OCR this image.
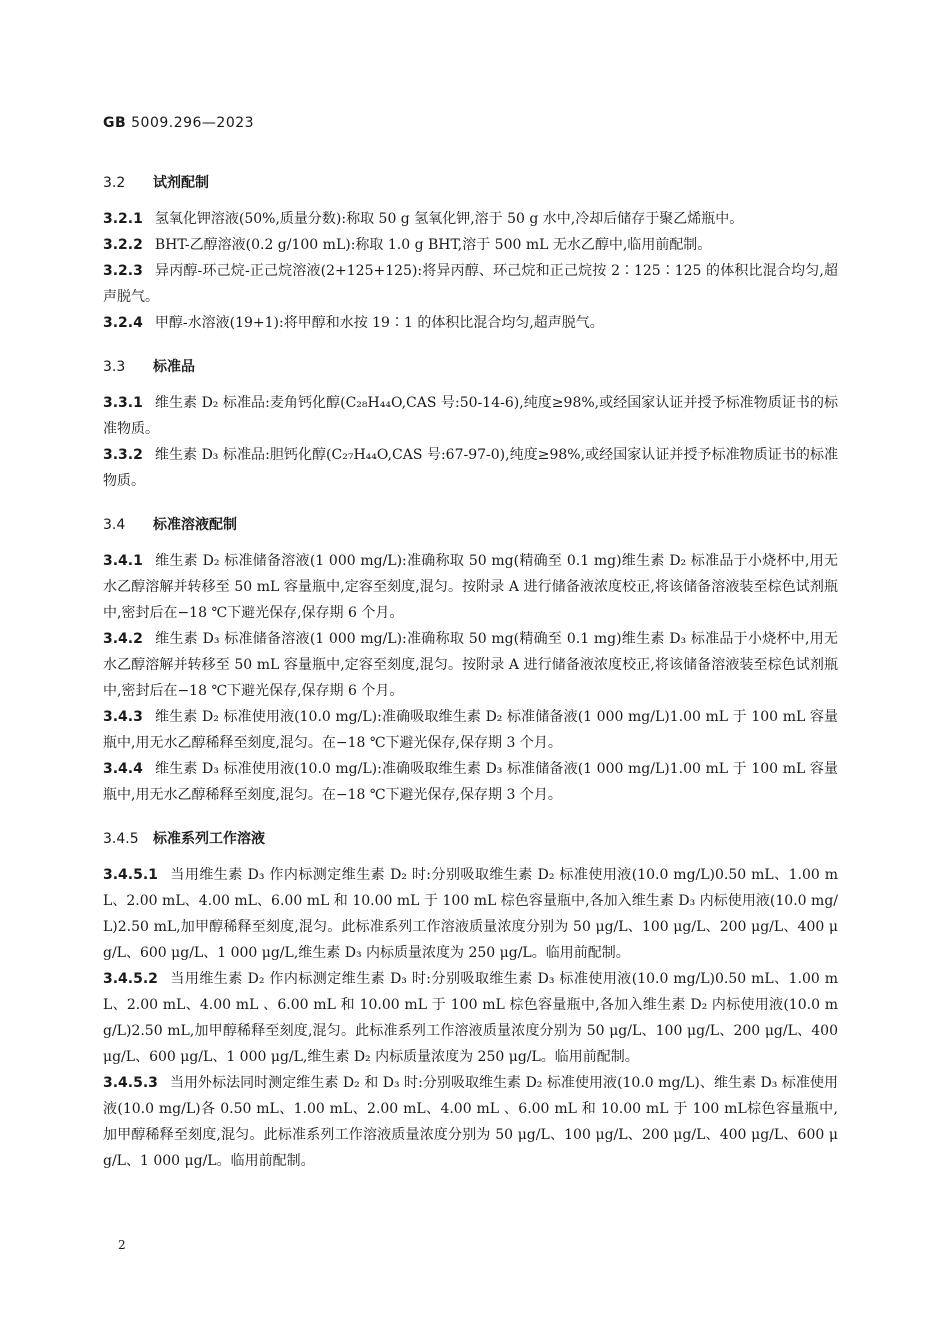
GB 5009.296—2023
3.2 试剂配制

3.2.1 氢氧化钾溶液(50%,质量分数):称取 50 g 氢氧化钾,溶于 50 g 水中,冷却后储存于聚乙烯瓶中。

3.2.2 BHT-乙醇溶液(0.2 g/100 mL):称取 1.0 g BHT,溶于 500 mL 无水乙醇中,临用前配制。

3.2.3 异丙醇-环己烷-正己烷溶液(2+125+125):将异丙醇、环己烷和正己烷按 2∶125∶125 的体积比混合均匀,超声脱气。

3.2.4 甲醇-水溶液(19+1):将甲醇和水按 19∶1 的体积比混合均匀,超声脱气。

3.3 标准品

3.3.1 维生素 D₂ 标准品:麦角钙化醇(C₂₈H₄₄O,CAS 号:50-14-6),纯度≥98%,或经国家认证并授予标准物质证书的标准物质。

3.3.2 维生素 D₃ 标准品:胆钙化醇(C₂₇H₄₄O,CAS 号:67-97-0),纯度≥98%,或经国家认证并授予标准物质证书的标准物质。

3.4 标准溶液配制

3.4.1 维生素 D₂ 标准储备溶液(1 000 mg/L):准确称取 50 mg(精确至 0.1 mg)维生素 D₂ 标准品于小烧杯中,用无水乙醇溶解并转移至 50 mL 容量瓶中,定容至刻度,混匀。按附录 A 进行储备液浓度校正,将该储备溶液装至棕色试剂瓶中,密封后在−18 ℃下避光保存,保存期 6 个月。

3.4.2 维生素 D₃ 标准储备溶液(1 000 mg/L):准确称取 50 mg(精确至 0.1 mg)维生素 D₃ 标准品于小烧杯中,用无水乙醇溶解并转移至 50 mL 容量瓶中,定容至刻度,混匀。按附录 A 进行储备液浓度校正,将该储备溶液装至棕色试剂瓶中,密封后在−18 ℃下避光保存,保存期 6 个月。

3.4.3 维生素 D₂ 标准使用液(10.0 mg/L):准确吸取维生素 D₂ 标准储备液(1 000 mg/L)1.00 mL 于 100 mL 容量瓶中,用无水乙醇稀释至刻度,混匀。在−18 ℃下避光保存,保存期 3 个月。

3.4.4 维生素 D₃ 标准使用液(10.0 mg/L):准确吸取维生素 D₃ 标准储备液(1 000 mg/L)1.00 mL 于 100 mL 容量瓶中,用无水乙醇稀释至刻度,混匀。在−18 ℃下避光保存,保存期 3 个月。

3.4.5 标准系列工作溶液

3.4.5.1 当用维生素 D₃ 作内标测定维生素 D₂ 时:分别吸取维生素 D₂ 标准使用液(10.0 mg/L)0.50 mL、1.00 mL、2.00 mL、4.00 mL、6.00 mL 和 10.00 mL 于 100 mL 棕色容量瓶中,各加入维生素 D₃ 内标使用液(10.0 mg/L)2.50 mL,加甲醇稀释至刻度,混匀。此标准系列工作溶液质量浓度分别为 50 μg/L、100 μg/L、200 μg/L、400 μg/L、600 μg/L、1 000 μg/L,维生素 D₃ 内标质量浓度为 250 μg/L。临用前配制。

3.4.5.2 当用维生素 D₂ 作内标测定维生素 D₃ 时:分别吸取维生素 D₃ 标准使用液(10.0 mg/L)0.50 mL、1.00 mL、2.00 mL、4.00 mL 、6.00 mL 和 10.00 mL 于 100 mL 棕色容量瓶中,各加入维生素 D₂ 内标使用液(10.0 mg/L)2.50 mL,加甲醇稀释至刻度,混匀。此标准系列工作溶液质量浓度分别为 50 μg/L、100 μg/L、200 μg/L、400 μg/L、600 μg/L、1 000 μg/L,维生素 D₂ 内标质量浓度为 250 μg/L。临用前配制。

3.4.5.3 当用外标法同时测定维生素 D₂ 和 D₃ 时:分别吸取维生素 D₂ 标准使用液(10.0 mg/L)、维生素 D₃ 标准使用液(10.0 mg/L)各 0.50 mL、1.00 mL、2.00 mL、4.00 mL 、6.00 mL 和 10.00 mL 于 100 mL棕色容量瓶中,加甲醇稀释至刻度,混匀。此标准系列工作溶液质量浓度分别为 50 μg/L、100 μg/L、200 μg/L、400 μg/L、600 μg/L、1 000 μg/L。临用前配制。

2
